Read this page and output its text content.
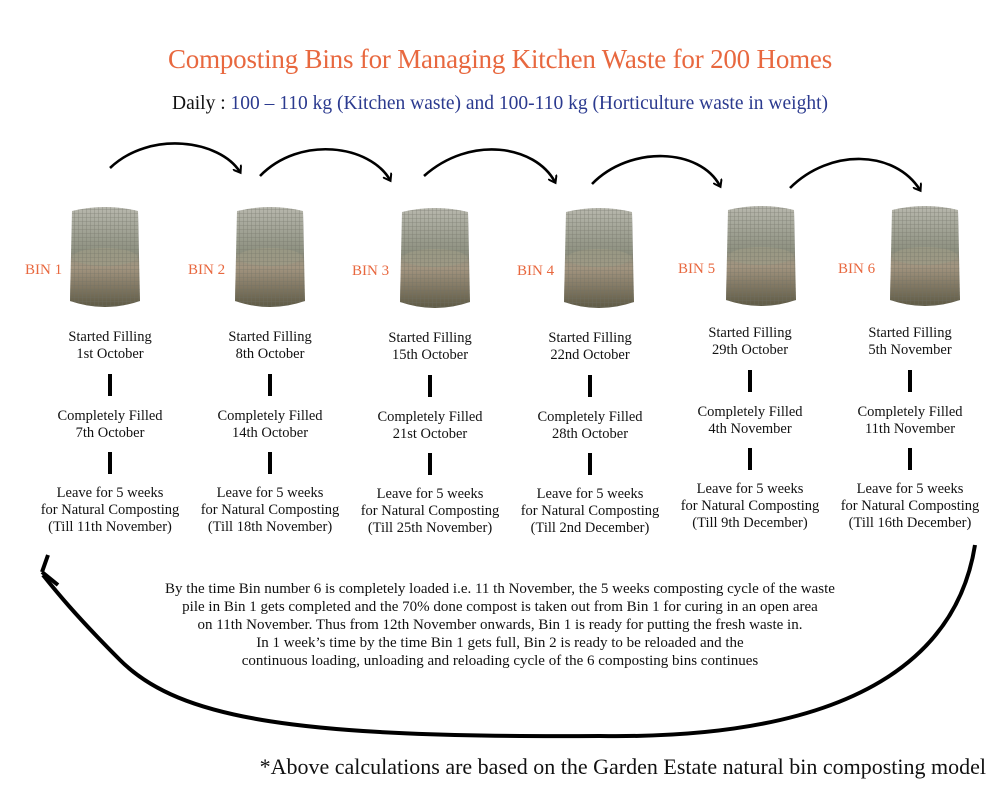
Composting Bins for Managing Kitchen Waste for 200 Homes
Daily : 100 – 110 kg (Kitchen waste) and 100-110 kg (Horticulture waste in weight)
BIN 1
Started Filling
1st October
Completely Filled
7th October
Leave for 5 weeks
for Natural Composting
(Till 11th November)
BIN 2
Started Filling
8th October
Completely Filled
14th October
Leave for 5 weeks
for Natural Composting
(Till 18th November)
BIN 3
Started Filling
15th October
Completely Filled
21st October
Leave for 5 weeks
for Natural Composting
(Till 25th November)
BIN 4
Started Filling
22nd October
Completely Filled
28th October
Leave for 5 weeks
for Natural Composting
(Till 2nd December)
BIN 5
Started Filling
29th October
Completely Filled
4th November
Leave for 5 weeks
for Natural Composting
(Till 9th December)
BIN 6
Started Filling
5th November
Completely Filled
11th November
Leave for 5 weeks
for Natural Composting
(Till 16th December)
By the time Bin number 6 is completely loaded i.e. 11 th November, the 5 weeks composting cycle of the waste
pile in Bin 1 gets completed and the 70% done compost is taken out from Bin 1 for curing in an open area
on 11th November. Thus from 12th November onwards, Bin 1 is ready for putting the fresh waste in.
In 1 week’s time by the time Bin 1 gets full, Bin 2 is ready to be reloaded and the
continuous loading, unloading and reloading cycle of the 6 composting bins continues
*Above calculations are based on the Garden Estate natural bin composting model
